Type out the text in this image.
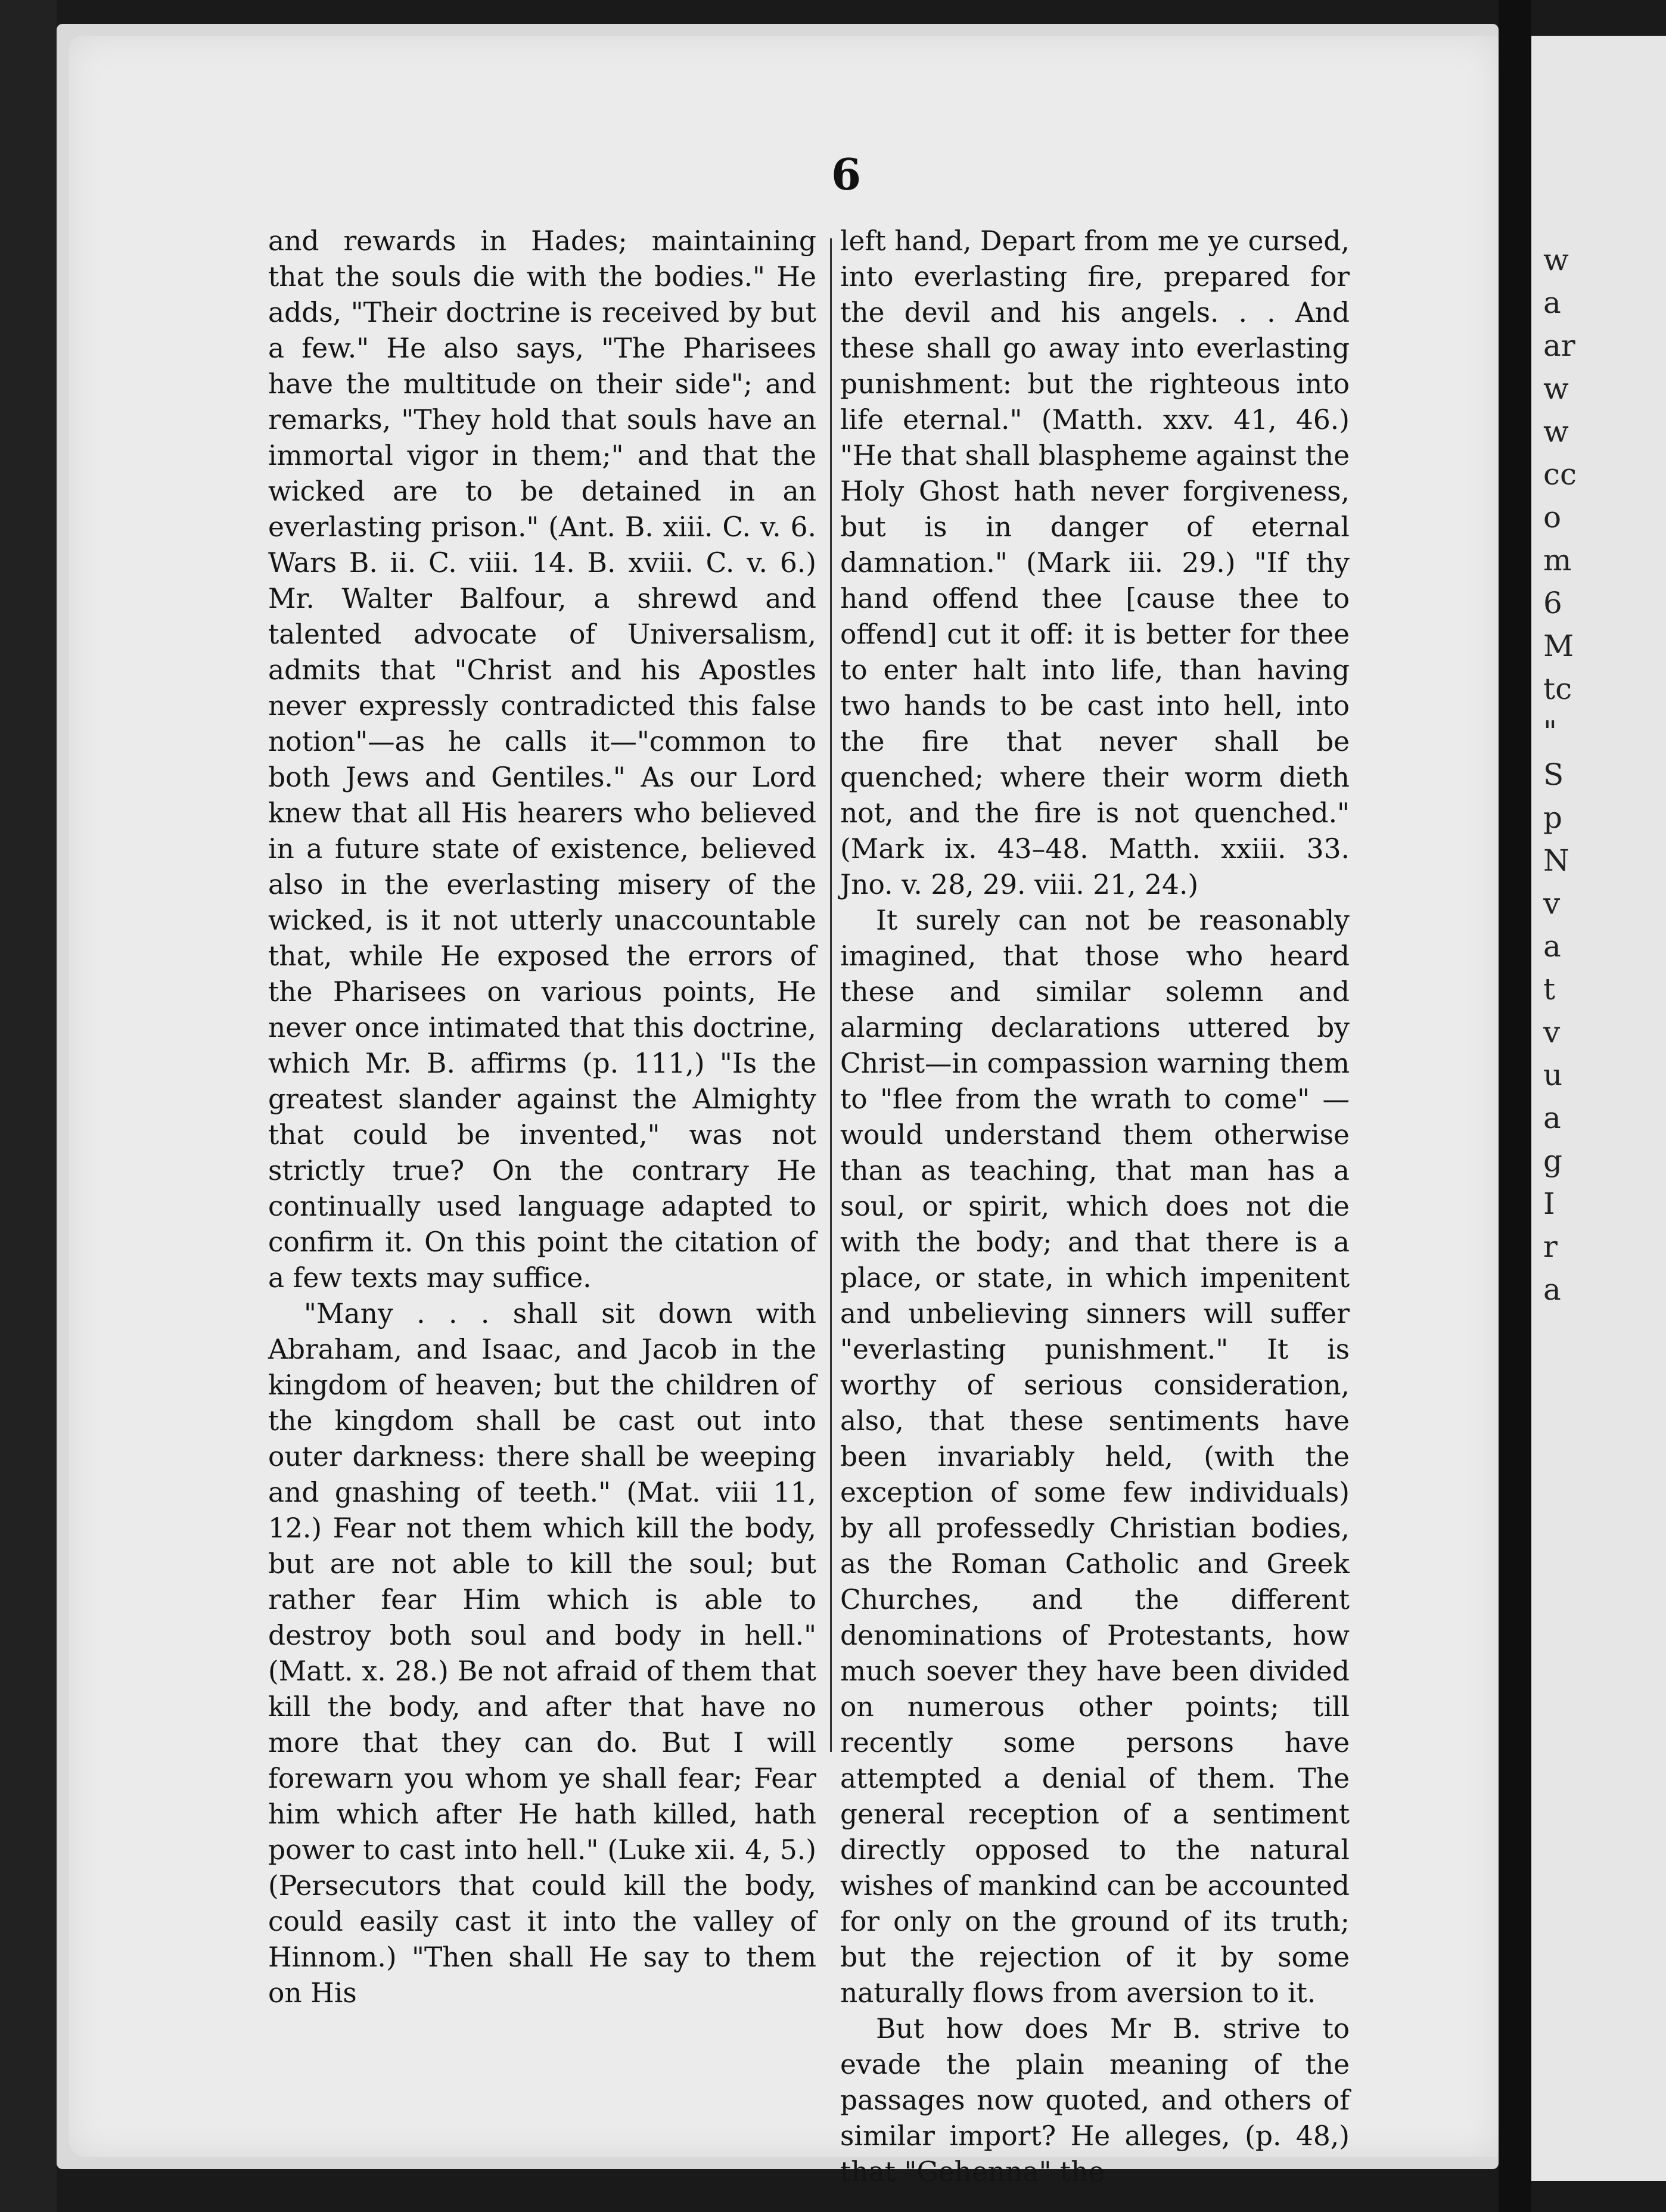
w
a
ar
w
w
cc
o
m
6
M
tc
"
S
p
N
v
a
t
v
u
a
g
I
r
a
6

and rewards in Hades; maintaining that the souls die with the bodies." He adds, "Their doctrine is received by but a few." He also says, "The Pharisees have the multitude on their side"; and remarks, "They hold that souls have an immortal vigor in them;" and that the wicked are to be detained in an everlasting prison." (Ant. B. xiii. C. v. 6. Wars B. ii. C. viii. 14. B. xviii. C. v. 6.) Mr. Walter Balfour, a shrewd and talented advocate of Universalism, admits that "Christ and his Apostles never expressly contradicted this false notion"—as he calls it—"common to both Jews and Gentiles." As our Lord knew that all His hearers who believed in a future state of existence, believed also in the everlasting misery of the wicked, is it not utterly unaccountable that, while He exposed the errors of the Pharisees on various points, He never once intimated that this doctrine, which Mr. B. affirms (p. 111,) "Is the greatest slander against the Almighty that could be invented," was not strictly true? On the contrary He continually used language adapted to confirm it. On this point the citation of a few texts may suffice.

"Many . . . shall sit down with Abraham, and Isaac, and Jacob in the kingdom of heaven; but the children of the kingdom shall be cast out into outer darkness: there shall be weeping and gnashing of teeth." (Mat. viii 11, 12.) Fear not them which kill the body, but are not able to kill the soul; but rather fear Him which is able to destroy both soul and body in hell." (Matt. x. 28.) Be not afraid of them that kill the body, and after that have no more that they can do. But I will forewarn you whom ye shall fear; Fear him which after He hath killed, hath power to cast into hell." (Luke xii. 4, 5.) (Persecutors that could kill the body, could easily cast it into the valley of Hinnom.) "Then shall He say to them on His

left hand, Depart from me ye cursed, into everlasting fire, prepared for the devil and his angels. . . And these shall go away into everlasting punishment: but the righteous into life eternal." (Matth. xxv. 41, 46.) "He that shall blaspheme against the Holy Ghost hath never forgiveness, but is in danger of eternal damnation." (Mark iii. 29.) "If thy hand offend thee [cause thee to offend] cut it off: it is better for thee to enter halt into life, than having two hands to be cast into hell, into the fire that never shall be quenched; where their worm dieth not, and the fire is not quenched." (Mark ix. 43–48. Matth. xxiii. 33. Jno. v. 28, 29. viii. 21, 24.)

It surely can not be reasonably imagined, that those who heard these and similar solemn and alarming declarations uttered by Christ—in compassion warning them to "flee from the wrath to come" — would understand them otherwise than as teaching, that man has a soul, or spirit, which does not die with the body; and that there is a place, or state, in which impenitent and unbelieving sinners will suffer "everlasting punishment." It is worthy of serious consideration, also, that these sentiments have been invariably held, (with the exception of some few individuals) by all professedly Christian bodies, as the Roman Catholic and Greek Churches, and the different denominations of Protestants, how much soever they have been divided on numerous other points; till recently some persons have attempted a denial of them. The general reception of a sentiment directly opposed to the natural wishes of mankind can be accounted for only on the ground of its truth; but the rejection of it by some naturally flows from aversion to it.

But how does Mr B. strive to evade the plain meaning of the passages now quoted, and others of similar import? He alleges, (p. 48,) that "Gehenna" the
